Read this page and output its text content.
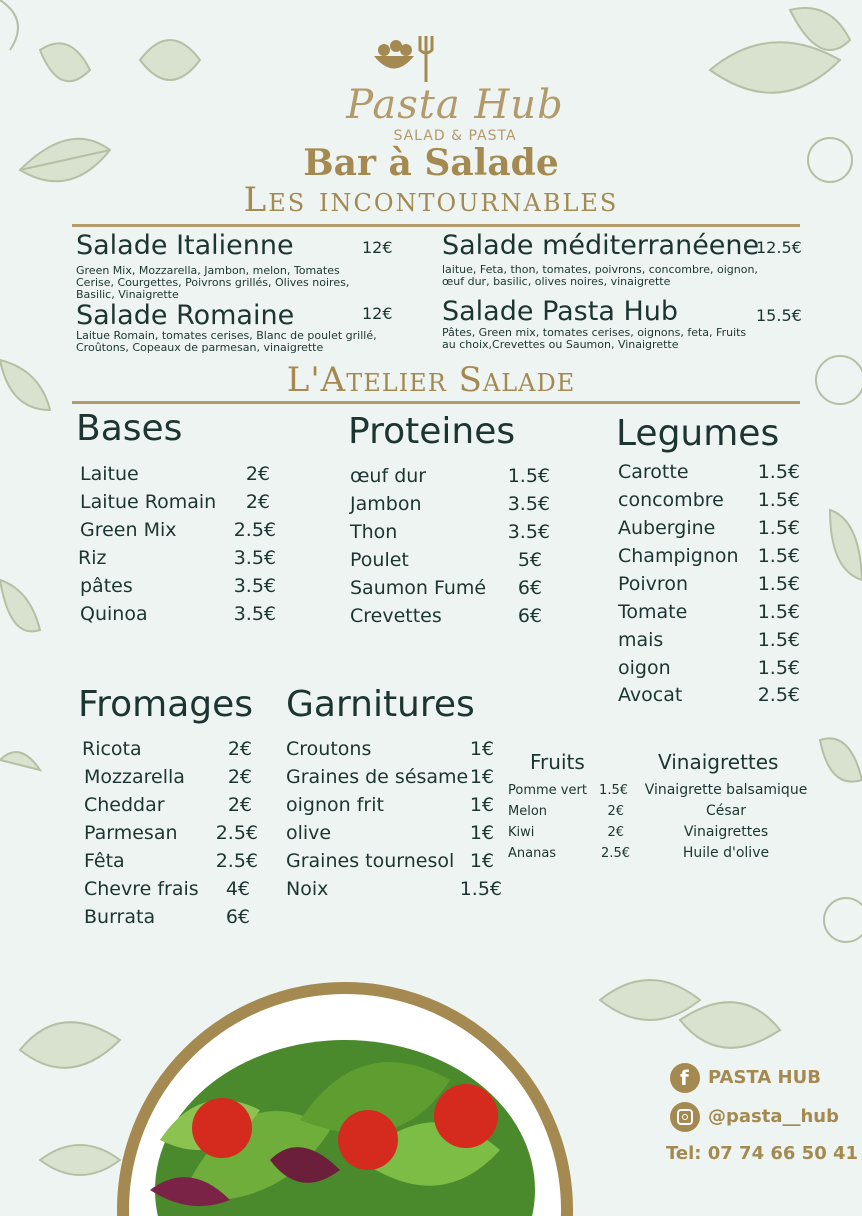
Pasta Hub
SALAD & PASTA
Bar à Salade
Les incontournables
Salade Italienne	12€
Green Mix, Mozzarella, Jambon, melon, Tomates Cerise, Courgettes, Poivrons grillés, Olives noires, Basilic, Vinaigrette
Salade méditerranéene
12.5€
laitue, Feta, thon, tomates, poivrons, concombre, oignon, œuf dur, basilic, olives noires, vinaigrette
Salade Romaine	12€
Laitue Romain, tomates cerises, Blanc de poulet grillé, Croûtons, Copeaux de parmesan, vinaigrette
Salade Pasta Hub	15.5€
Pâtes, Green mix, tomates cerises, oignons, feta, Fruits au choix,Crevettes ou Saumon, Vinaigrette
L'Atelier Salade
Bases
Laitue	2€
Laitue Romain	2€
Green Mix	2.5€
Riz	3.5€
pâtes	3.5€
Quinoa	3.5€
Proteines
œuf dur	1.5€
Jambon	3.5€
Thon	3.5€
Poulet	5€
Saumon Fumé	6€
Crevettes	6€
Legumes
Carotte	1.5€
concombre	1.5€
Aubergine	1.5€
Champignon	1.5€
Poivron	1.5€
Tomate	1.5€
mais	1.5€
oigon	1.5€
Avocat	2.5€
Fromages
Ricota	2€
Mozzarella	2€
Cheddar	2€
Parmesan	2.5€
Fêta	2.5€
Chevre frais	4€
Burrata	6€
Garnitures
Croutons	1€
Graines de sésame 1€
oignon frit	1€
olive	1€
Graines tournesol 1€
Noix	1.5€
Fruits
Pomme vert 1.5€
Melon	2€
Kiwi	2€
Ananas	2.5€
Vinaigrettes
Vinaigrette balsamique
César
Vinaigrettes
Huile d'olive
f PASTA HUB
@pasta__hub
Tel: 07 74 66 50 41
